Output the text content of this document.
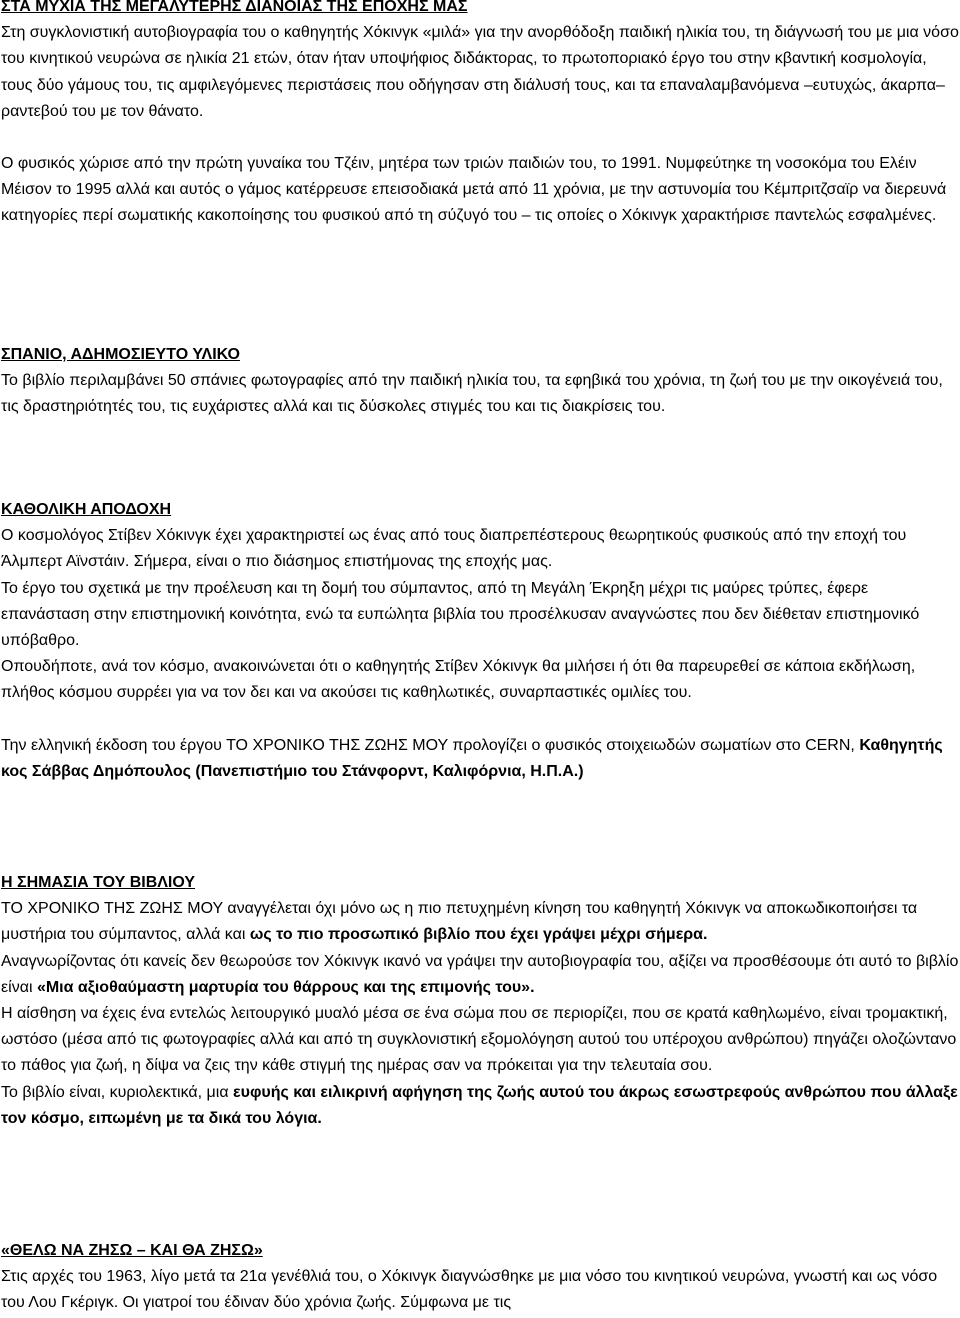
ΣΤΑ ΜΥΧΙΑ ΤΗΣ ΜΕΓΑΛΥΤΕΡΗΣ ΔΙΑΝΟΙΑΣ ΤΗΣ ΕΠΟΧΗΣ ΜΑΣ

Στη συγκλονιστική αυτοβιογραφία του ο καθηγητής Χόκινγκ «μιλά» για την ανορθόδοξη παιδική ηλικία του, τη διάγνωσή του με μια νόσο του κινητικού νευρώνα σε ηλικία 21 ετών, όταν ήταν υποψήφιος διδάκτορας, το πρωτοποριακό έργο του στην κβαντική κοσμολογία, τους δύο γάμους του, τις αμφιλεγόμενες περιστάσεις που οδήγησαν στη διάλυσή τους, και τα επαναλαμβανόμενα –ευτυχώς, άκαρπα– ραντεβού του με τον θάνατο.

Ο φυσικός χώρισε από την πρώτη γυναίκα του Τζέιν, μητέρα των τριών παιδιών του, το 1991. Νυμφεύτηκε τη νοσοκόμα του Ελέιν Μέισον το 1995 αλλά και αυτός ο γάμος κατέρρευσε επεισοδιακά μετά από 11 χρόνια, με την αστυνομία του Κέμπριτζσαϊρ να διερευνά κατηγορίες περί σωματικής κακοποίησης του φυσικού από τη σύζυγό του – τις οποίες ο Χόκινγκ χαρακτήρισε παντελώς εσφαλμένες.

ΣΠΑΝΙΟ, ΑΔΗΜΟΣΙΕΥΤΟ ΥΛΙΚΟ

Το βιβλίο περιλαμβάνει 50 σπάνιες φωτογραφίες από την παιδική ηλικία του, τα εφηβικά του χρόνια, τη ζωή του με την οικογένειά του, τις δραστηριότητές του, τις ευχάριστες αλλά και τις δύσκολες στιγμές του και τις διακρίσεις του.

ΚΑΘΟΛΙΚΗ ΑΠΟΔΟΧΗ

Ο κοσμολόγος Στίβεν Χόκινγκ έχει χαρακτηριστεί ως ένας από τους διαπρεπέστερους θεωρητικούς φυσικούς από την εποχή του Άλμπερτ Αϊνστάιν. Σήμερα, είναι ο πιο διάσημος επιστήμονας της εποχής μας.

Το έργο του σχετικά με την προέλευση και τη δομή του σύμπαντος, από τη Μεγάλη Έκρηξη μέχρι τις μαύρες τρύπες, έφερε επανάσταση στην επιστημονική κοινότητα, ενώ τα ευπώλητα βιβλία του προσέλκυσαν αναγνώστες που δεν διέθεταν επιστημονικό υπόβαθρο.

Οπουδήποτε, ανά τον κόσμο, ανακοινώνεται ότι ο καθηγητής Στίβεν Χόκινγκ θα μιλήσει ή ότι θα παρευρεθεί σε κάποια εκδήλωση, πλήθος κόσμου συρρέει για να τον δει και να ακούσει τις καθηλωτικές, συναρπαστικές ομιλίες του.

Την ελληνική έκδοση του έργου ΤΟ ΧΡΟΝΙΚΟ ΤΗΣ ΖΩΗΣ ΜΟΥ προλογίζει ο φυσικός στοιχειωδών σωματίων στο CERN, Καθηγητής κος Σάββας Δημόπουλος (Πανεπιστήμιο του Στάνφορντ, Καλιφόρνια, Η.Π.Α.)

Η ΣΗΜΑΣΙΑ ΤΟΥ ΒΙΒΛΙΟΥ

ΤΟ ΧΡΟΝΙΚΟ ΤΗΣ ΖΩΗΣ ΜΟΥ αναγγέλεται όχι μόνο ως η πιο πετυχημένη κίνηση του καθηγητή Χόκινγκ να αποκωδικοποιήσει τα μυστήρια του σύμπαντος, αλλά και ως το πιο προσωπικό βιβλίο που έχει γράψει μέχρι σήμερα.

Αναγνωρίζοντας ότι κανείς δεν θεωρούσε τον Χόκινγκ ικανό να γράψει την αυτοβιογραφία του, αξίζει να προσθέσουμε ότι αυτό το βιβλίο είναι «Μια αξιοθαύμαστη μαρτυρία του θάρρους και της επιμονής του».

Η αίσθηση να έχεις ένα εντελώς λειτουργικό μυαλό μέσα σε ένα σώμα που σε περιορίζει, που σε κρατά καθηλωμένο, είναι τρομακτική, ωστόσο (μέσα από τις φωτογραφίες αλλά και από τη συγκλονιστική εξομολόγηση αυτού του υπέροχου ανθρώπου) πηγάζει ολοζώντανο το πάθος για ζωή, η δίψα να ζεις την κάθε στιγμή της ημέρας σαν να πρόκειται για την τελευταία σου.

Το βιβλίο είναι, κυριολεκτικά, μια ευφυής και ειλικρινή αφήγηση της ζωής αυτού του άκρως εσωστρεφούς ανθρώπου που άλλαξε τον κόσμο, ειπωμένη με τα δικά του λόγια.

«ΘΕΛΩ ΝΑ ΖΗΣΩ – ΚΑΙ ΘΑ ΖΗΣΩ»

Στις αρχές του 1963, λίγο μετά τα 21α γενέθλιά του, ο Χόκινγκ διαγνώσθηκε με μια νόσο του κινητικού νευρώνα, γνωστή και ως νόσο του Λου Γκέριγκ. Οι γιατροί του έδιναν δύο χρόνια ζωής. Σύμφωνα με τις
